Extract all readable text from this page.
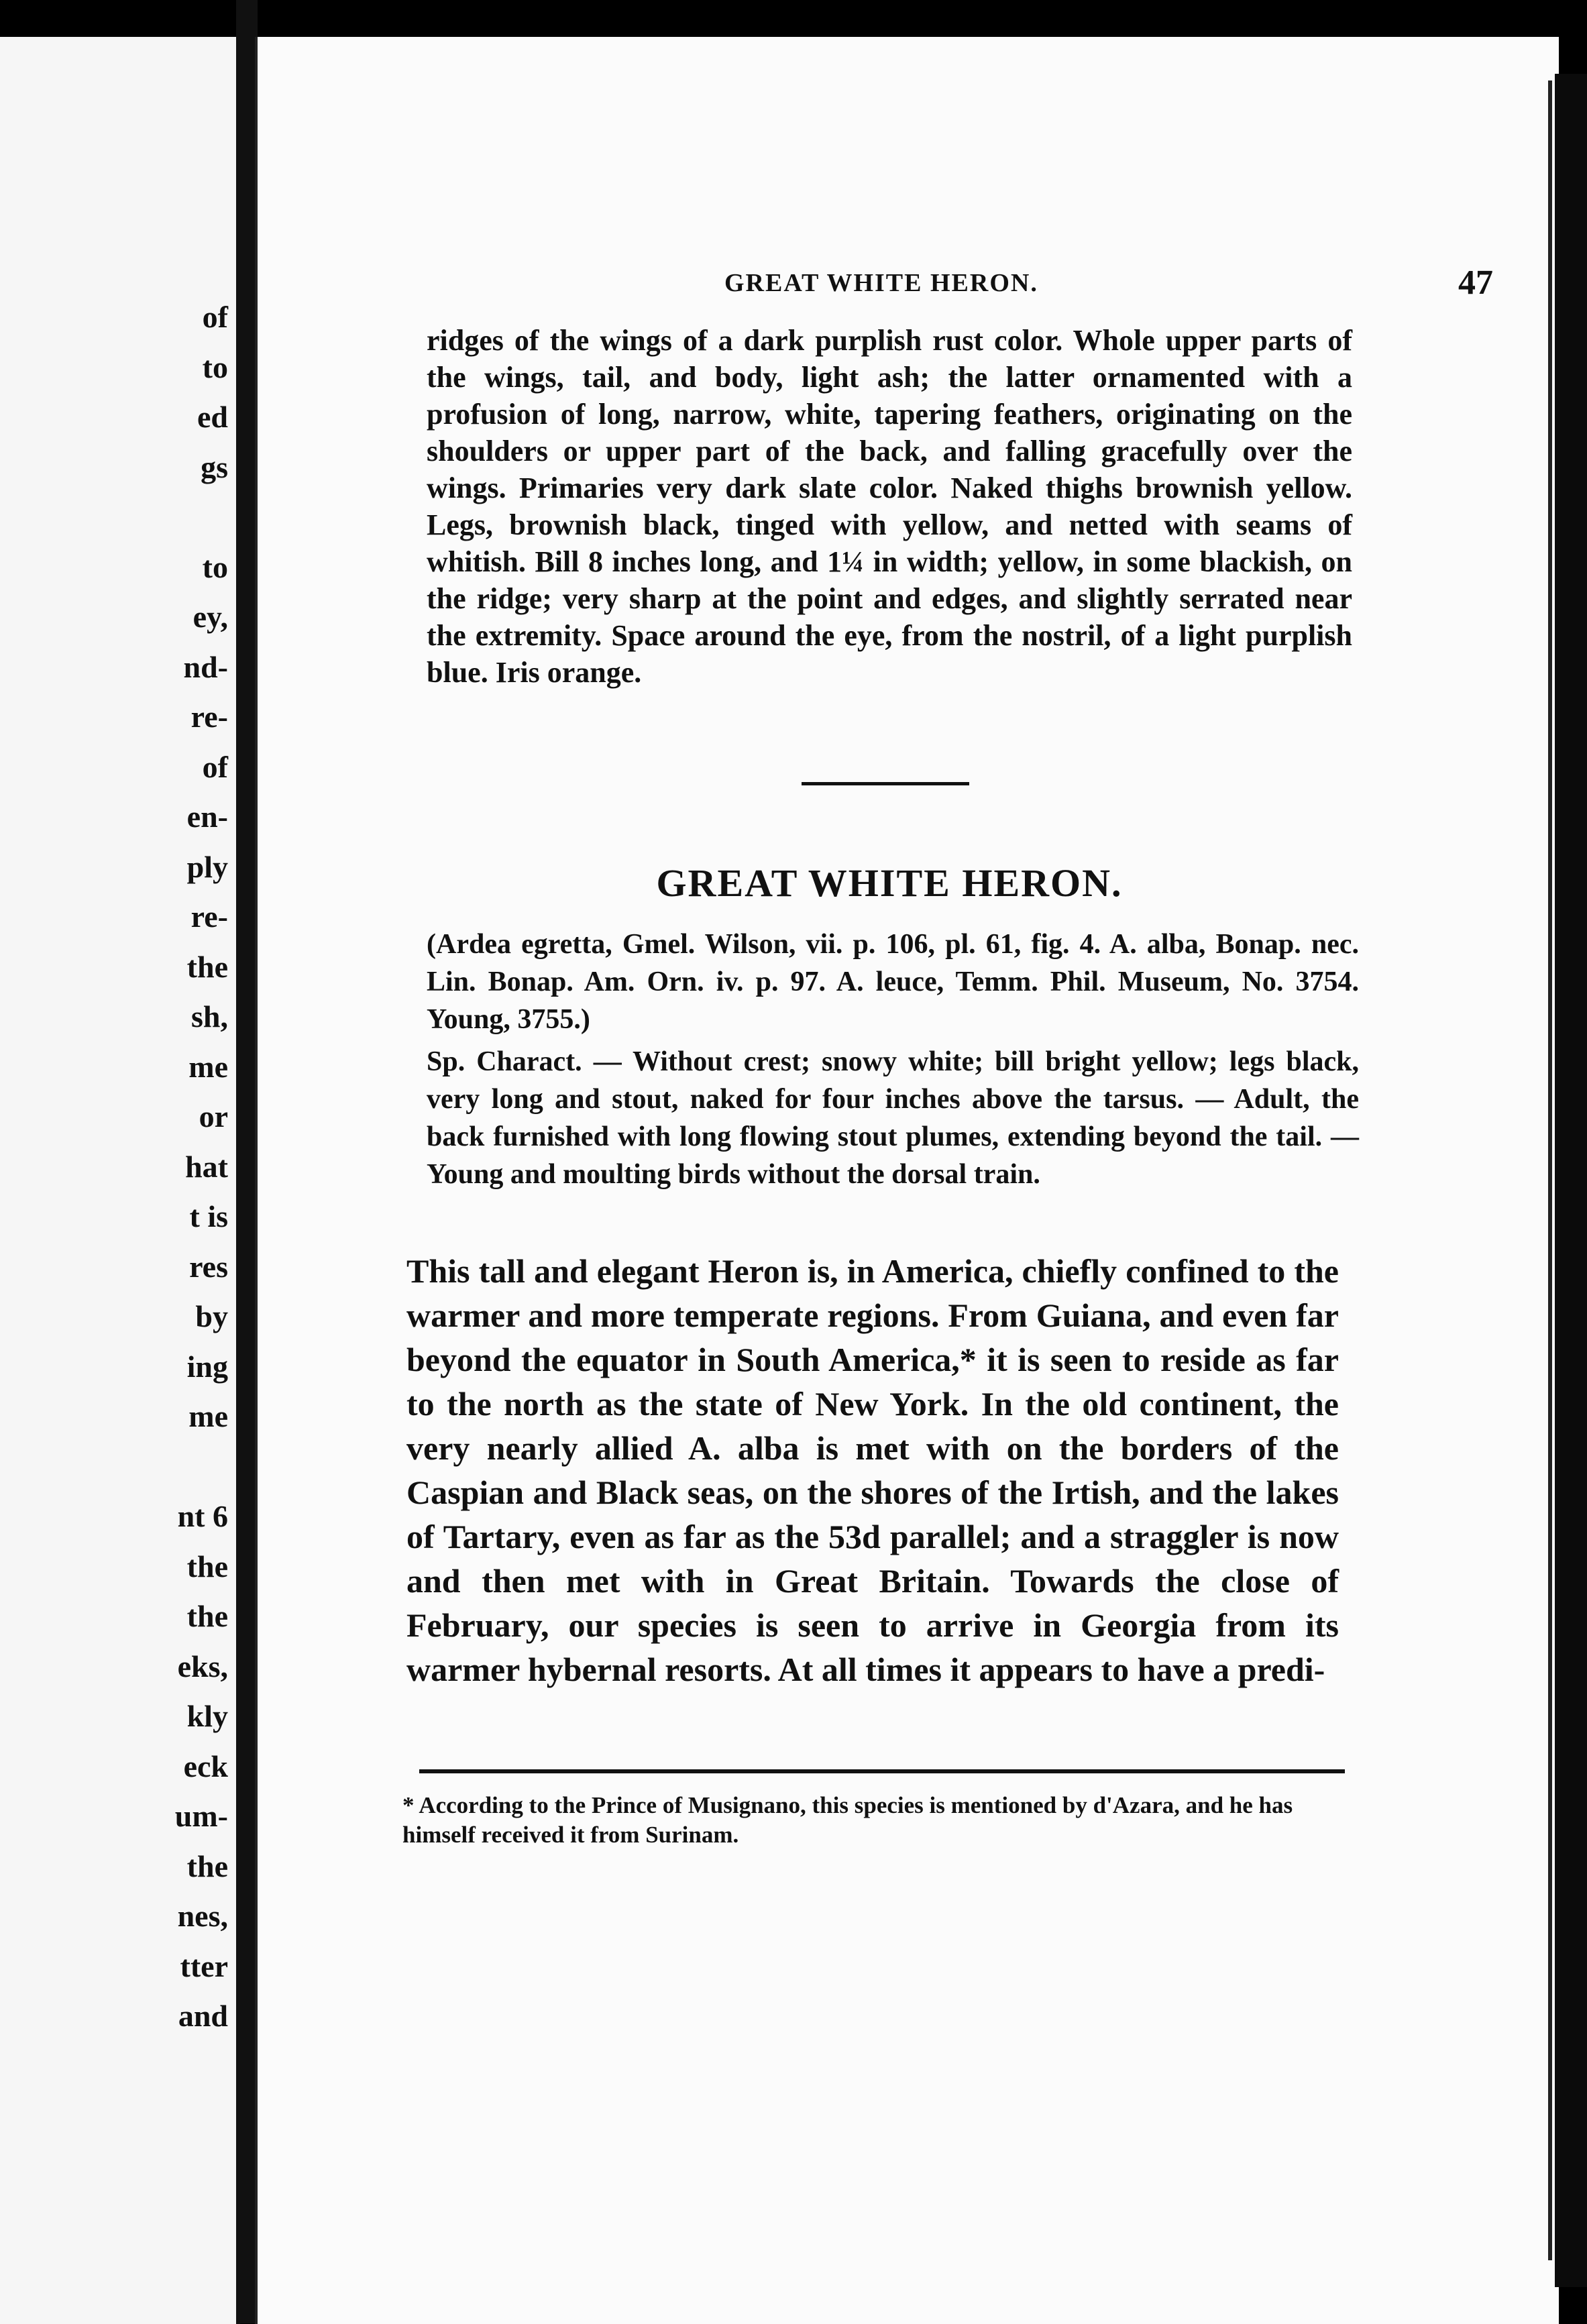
of
to
ed
gs
to
ey,
nd-
re-
of
en-
ply
re-
the
sh,
me
or
hat
t is
res
by
ing
me
nt 6
the
the
eks,
kly
eck
um-
the
nes,
tter
and
GREAT WHITE HERON.	47
ridges of the wings of a dark purplish rust color. Whole upper parts of the wings, tail, and body, light ash; the latter ornamented with a profusion of long, narrow, white, tapering feathers, originating on the shoulders or upper part of the back, and falling gracefully over the wings. Primaries very dark slate color. Naked thighs brownish yellow. Legs, brownish black, tinged with yellow, and netted with seams of whitish. Bill 8 inches long, and 1¼ in width; yellow, in some blackish, on the ridge; very sharp at the point and edges, and slightly serrated near the extremity. Space around the eye, from the nostril, of a light purplish blue. Iris orange.
GREAT WHITE HERON.
(Ardea egretta, Gmel. Wilson, vii. p. 106, pl. 61, fig. 4. A. alba, Bonap. nec. Lin. Bonap. Am. Orn. iv. p. 97. A. leuce, Temm. Phil. Museum, No. 3754. Young, 3755.)
Sp. Charact. — Without crest; snowy white; bill bright yellow; legs black, very long and stout, naked for four inches above the tarsus. — Adult, the back furnished with long flowing stout plumes, extending beyond the tail. — Young and moulting birds without the dorsal train.
This tall and elegant Heron is, in America, chiefly confined to the warmer and more temperate regions. From Guiana, and even far beyond the equator in South America,* it is seen to reside as far to the north as the state of New York. In the old continent, the very nearly allied A. alba is met with on the borders of the Caspian and Black seas, on the shores of the Irtish, and the lakes of Tartary, even as far as the 53d parallel; and a straggler is now and then met with in Great Britain. Towards the close of February, our species is seen to arrive in Georgia from its warmer hybernal resorts. At all times it appears to have a predi-
* According to the Prince of Musignano, this species is mentioned by d'Azara, and he has himself received it from Surinam.
